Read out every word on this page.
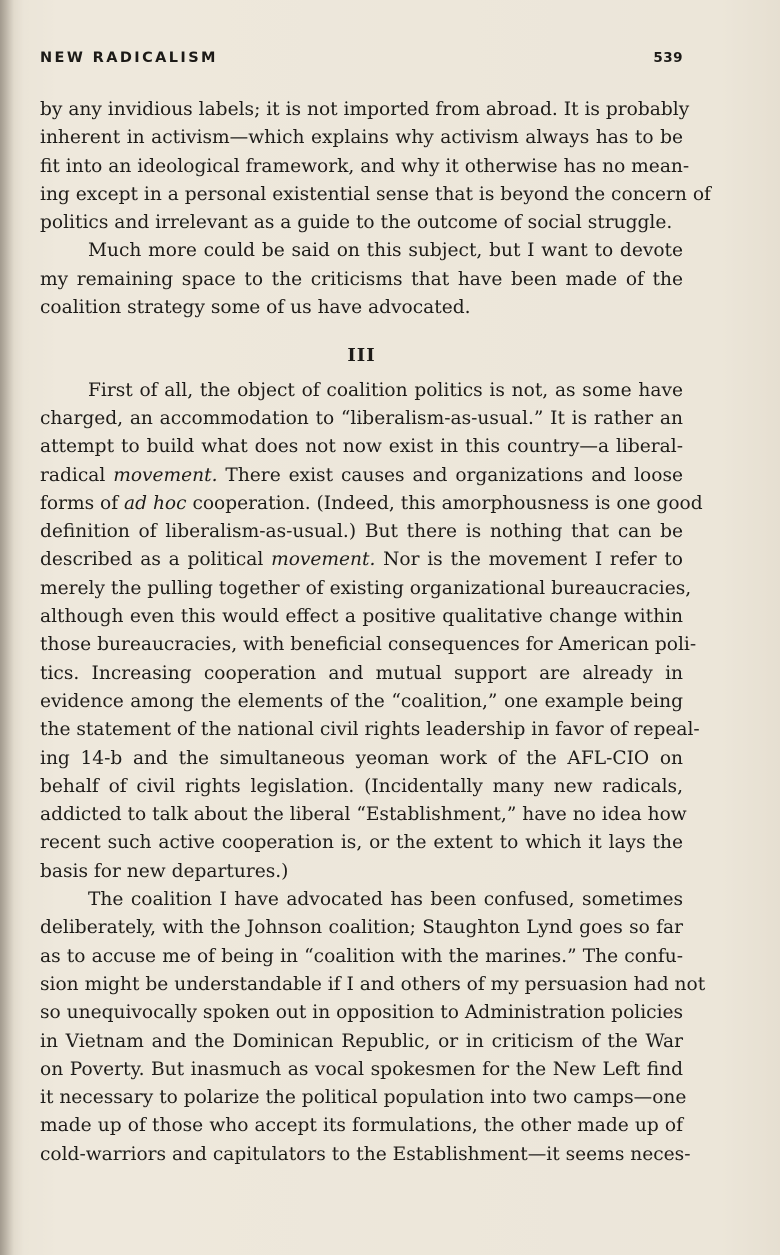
NEW RADICALISM	539
by any invidious labels; it is not imported from abroad. It is probably
inherent in activism—which explains why activism always has to be
fit into an ideological framework, and why it otherwise has no mean-
ing except in a personal existential sense that is beyond the concern of
politics and irrelevant as a guide to the outcome of social struggle.
Much more could be said on this subject, but I want to devote
my remaining space to the criticisms that have been made of the
coalition strategy some of us have advocated.
III
First of all, the object of coalition politics is not, as some have
charged, an accommodation to “liberalism-as-usual.” It is rather an
attempt to build what does not now exist in this country—a liberal-
radical movement. There exist causes and organizations and loose
forms of ad hoc cooperation. (Indeed, this amorphousness is one good
definition of liberalism-as-usual.) But there is nothing that can be
described as a political movement. Nor is the movement I refer to
merely the pulling together of existing organizational bureaucracies,
although even this would effect a positive qualitative change within
those bureaucracies, with beneficial consequences for American poli-
tics. Increasing cooperation and mutual support are already in
evidence among the elements of the “coalition,” one example being
the statement of the national civil rights leadership in favor of repeal-
ing 14-b and the simultaneous yeoman work of the AFL-CIO on
behalf of civil rights legislation. (Incidentally many new radicals,
addicted to talk about the liberal “Establishment,” have no idea how
recent such active cooperation is, or the extent to which it lays the
basis for new departures.)
The coalition I have advocated has been confused, sometimes
deliberately, with the Johnson coalition; Staughton Lynd goes so far
as to accuse me of being in “coalition with the marines.” The confu-
sion might be understandable if I and others of my persuasion had not
so unequivocally spoken out in opposition to Administration policies
in Vietnam and the Dominican Republic, or in criticism of the War
on Poverty. But inasmuch as vocal spokesmen for the New Left find
it necessary to polarize the political population into two camps—one
made up of those who accept its formulations, the other made up of
cold-warriors and capitulators to the Establishment—it seems neces-
